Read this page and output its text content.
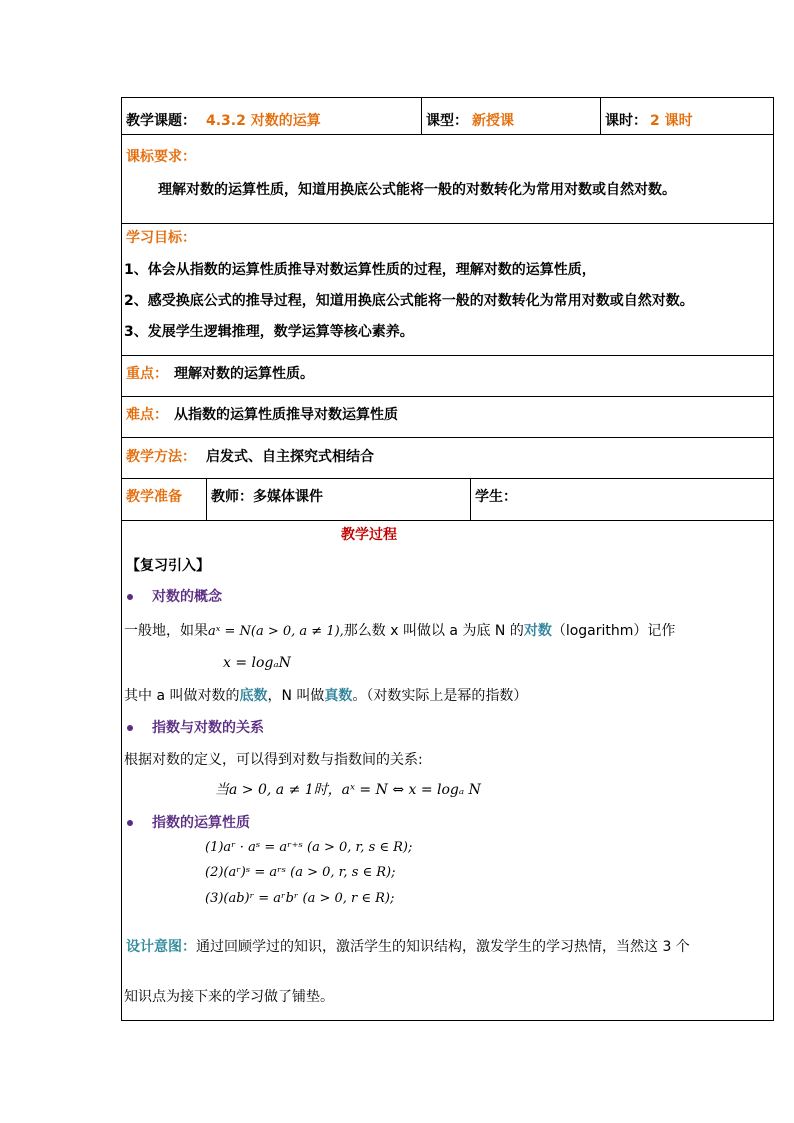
教学课题： 4.3.2 对数的运算	课型： 新授课	课时： 2 课时
课标要求：
理解对数的运算性质，知道用换底公式能将一般的对数转化为常用对数或自然对数。
学习目标：
1、体会从指数的运算性质推导对数运算性质的过程，理解对数的运算性质，
2、感受换底公式的推导过程，知道用换底公式能将一般的对数转化为常用对数或自然对数。
3、发展学生逻辑推理，数学运算等核心素养。
重点： 理解对数的运算性质。
难点： 从指数的运算性质推导对数运算性质
教学方法： 启发式、自主探究式相结合
教学准备 教师：多媒体课件	学生：
教学过程
【复习引入】
对数的概念
一般地，如果aˣ = N(a > 0, a ≠ 1),那么数 x 叫做以 a 为底 N 的对数（logarithm）记作
x = logₐN
其中 a 叫做对数的底数，N 叫做真数。（对数实际上是幂的指数）
指数与对数的关系
根据对数的定义，可以得到对数与指数间的关系:
当a > 0, a ≠ 1时，aˣ = N ⇔ x = logₐ N
指数的运算性质
(1)aʳ · aˢ = aʳ⁺ˢ (a > 0, r, s ∈ R);
(2)(aʳ)ˢ = aʳˢ (a > 0, r, s ∈ R);
(3)(ab)ʳ = aʳbʳ (a > 0, r ∈ R);
设计意图：通过回顾学过的知识，激活学生的知识结构，激发学生的学习热情，当然这 3 个
知识点为接下来的学习做了铺垫。
